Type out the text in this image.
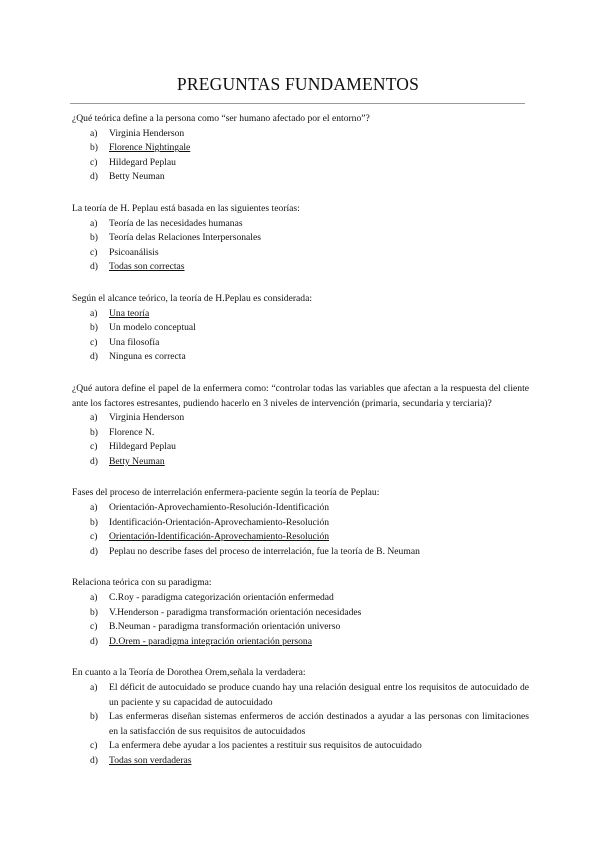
PREGUNTAS FUNDAMENTOS
¿Qué teórica define a la persona como “ser humano afectado por el entorno”?
a) Virginia Henderson
b) Florence Nightingale
c) Hildegard Peplau
d) Betty Neuman
La teoría de H. Peplau está basada en las siguientes teorías:
a) Teoría de las necesidades humanas
b) Teoría delas Relaciones Interpersonales
c) Psicoanálisis
d) Todas son correctas
Según el alcance teórico, la teoría de H.Peplau es considerada:
a) Una teoría
b) Un modelo conceptual
c) Una filosofía
d) Ninguna es correcta
¿Qué autora define el papel de la enfermera como: “controlar todas las variables que afectan a la respuesta del cliente ante los factores estresantes, pudiendo hacerlo en 3 niveles de intervención (primaria, secundaria y terciaria)?
a) Virginia Henderson
b) Florence N.
c) Hildegard Peplau
d) Betty Neuman
Fases del proceso de interrelación enfermera-paciente según la teoría de Peplau:
a) Orientación-Aprovechamiento-Resolución-Identificación
b) Identificación-Orientación-Aprovechamiento-Resolución
c) Orientación-Identificación-Aprovechamiento-Resolución
d) Peplau no describe fases del proceso de interrelación, fue la teoría de B. Neuman
Relaciona teórica con su paradigma:
a) C.Roy - paradigma categorización orientación enfermedad
b) V.Henderson - paradigma transformación orientación necesidades
c) B.Neuman - paradigma transformación orientación universo
d) D.Orem - paradigma integración orientación persona
En cuanto a la Teoría de Dorothea Orem,señala la verdadera:
a) El déficit de autocuidado se produce cuando hay una relación desigual entre los requisitos de autocuidado de un paciente y su capacidad de autocuidado
b) Las enfermeras diseñan sistemas enfermeros de acción destinados a ayudar a las personas con limitaciones en la satisfacción de sus requisitos de autocuidados
c) La enfermera debe ayudar a los pacientes a restituir sus requisitos de autocuidado
d) Todas son verdaderas
